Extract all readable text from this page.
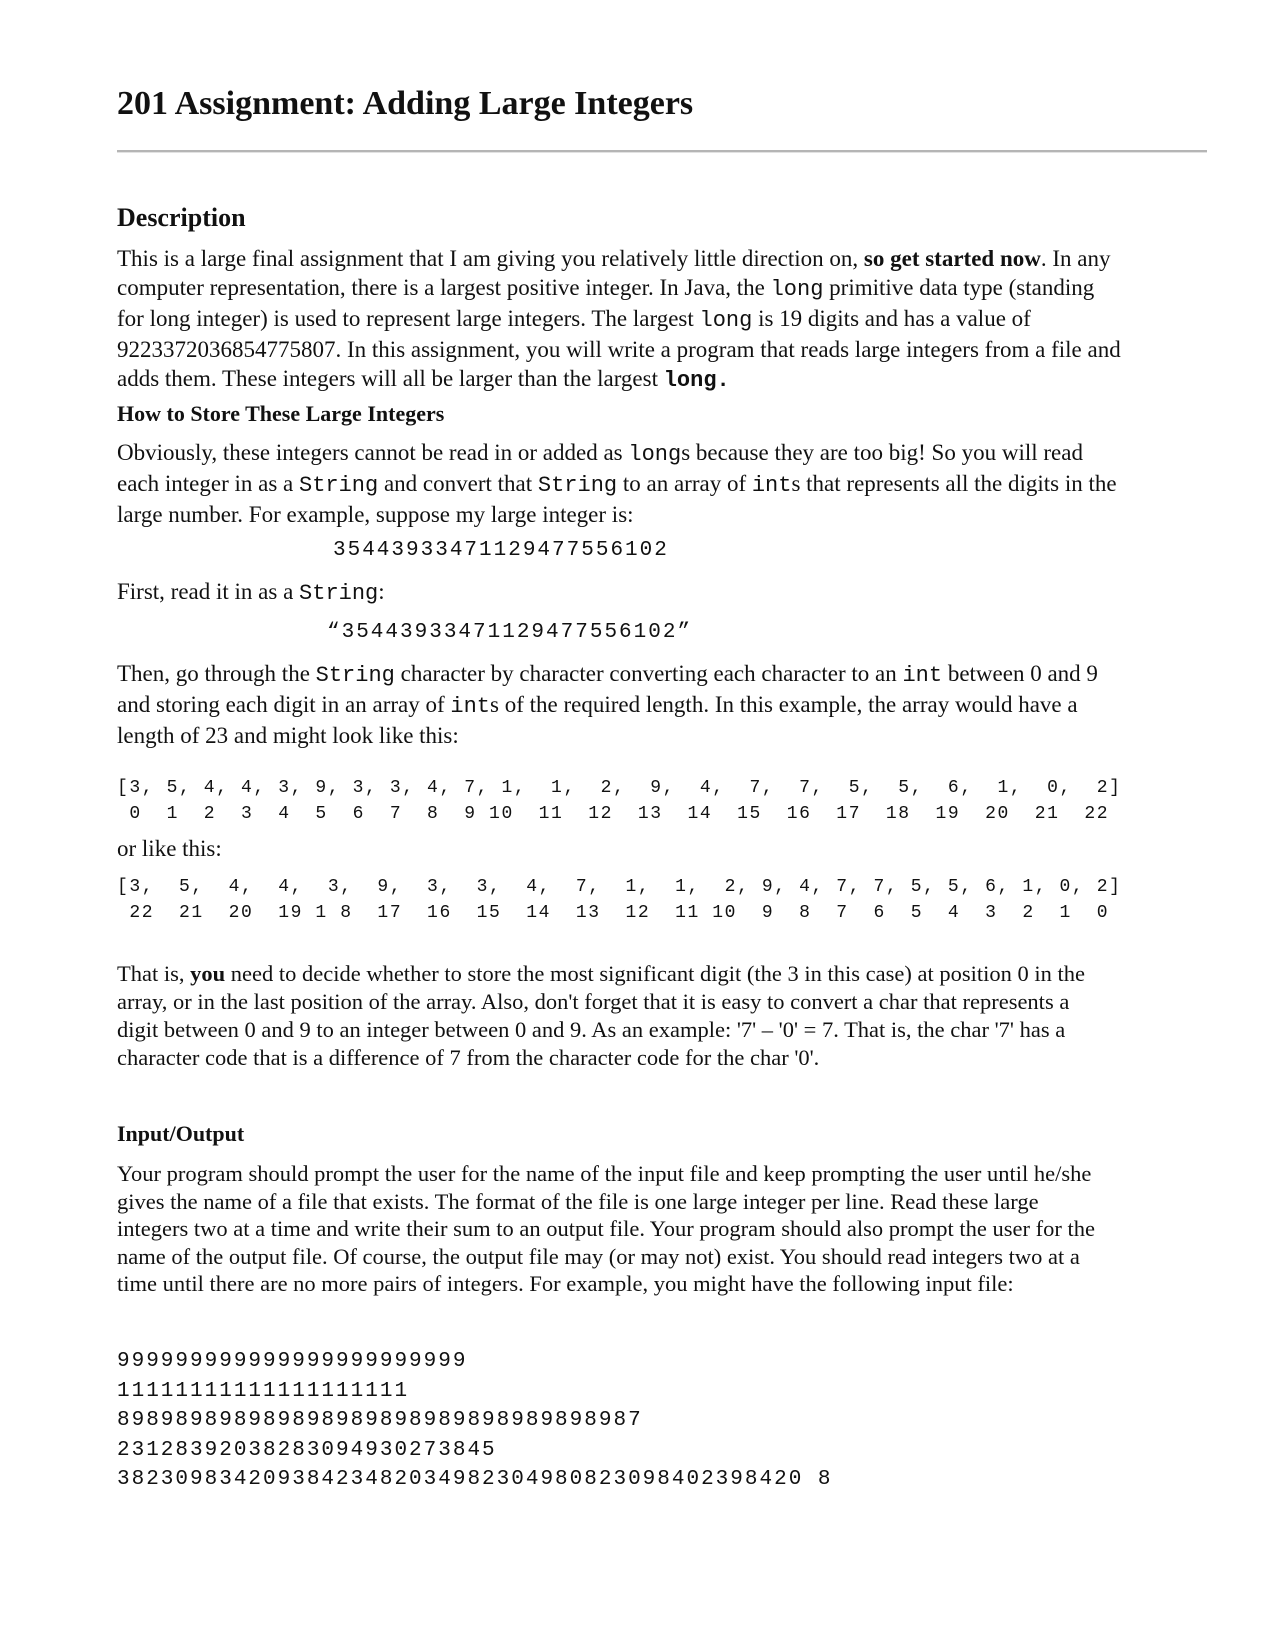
201 Assignment: Adding Large Integers
Description

This is a large final assignment that I am giving you relatively little direction on, so get started now. In any
computer representation, there is a largest positive integer. In Java, the long primitive data type (standing
for long integer) is used to represent large integers. The largest long is 19 digits and has a value of
9223372036854775807. In this assignment, you will write a program that reads large integers from a file and
adds them. These integers will all be larger than the largest long.

How to Store These Large Integers

Obviously, these integers cannot be read in or added as longs because they are too big! So you will read
each integer in as a String and convert that String to an array of ints that represents all the digits in the
large number. For example, suppose my large integer is:

35443933471129477556102

First, read it in as a String:

“35443933471129477556102”

Then, go through the String character by character converting each character to an int between 0 and 9
and storing each digit in an array of ints of the required length. In this example, the array would have a
length of 23 and might look like this:

[3, 5, 4, 4, 3, 9, 3, 3, 4, 7, 1,  1,  2,  9,  4,  7,  7,  5,  5,  6,  1,  0,  2]
0  1  2  3  4  5  6  7  8  9 10  11  12  13  14  15  16  17  18  19  20  21  22

or like this:

[3,  5,  4,  4,  3,  9,  3,  3,  4,  7,  1,  1,  2, 9, 4, 7, 7, 5, 5, 6, 1, 0, 2]
22  21  20  19 1 8  17  16  15  14  13  12  11 10  9  8  7  6  5  4  3  2  1  0

That is, you need to decide whether to store the most significant digit (the 3 in this case) at position 0 in the
array, or in the last position of the array. Also, don't forget that it is easy to convert a char that represents a
digit between 0 and 9 to an integer between 0 and 9. As an example: '7' – '0' = 7. That is, the char '7' has a
character code that is a difference of 7 from the character code for the char '0'.

Input/Output

Your program should prompt the user for the name of the input file and keep prompting the user until he/she
gives the name of a file that exists. The format of the file is one large integer per line. Read these large
integers two at a time and write their sum to an output file. Your program should also prompt the user for the
name of the output file. Of course, the output file may (or may not) exist. You should read integers two at a
time until there are no more pairs of integers. For example, you might have the following input file:

999999999999999999999999
11111111111111111111
898989898989898989898989898989898987
23128392038283094930273845
38230983420938423482034982304980823098402398420 8
